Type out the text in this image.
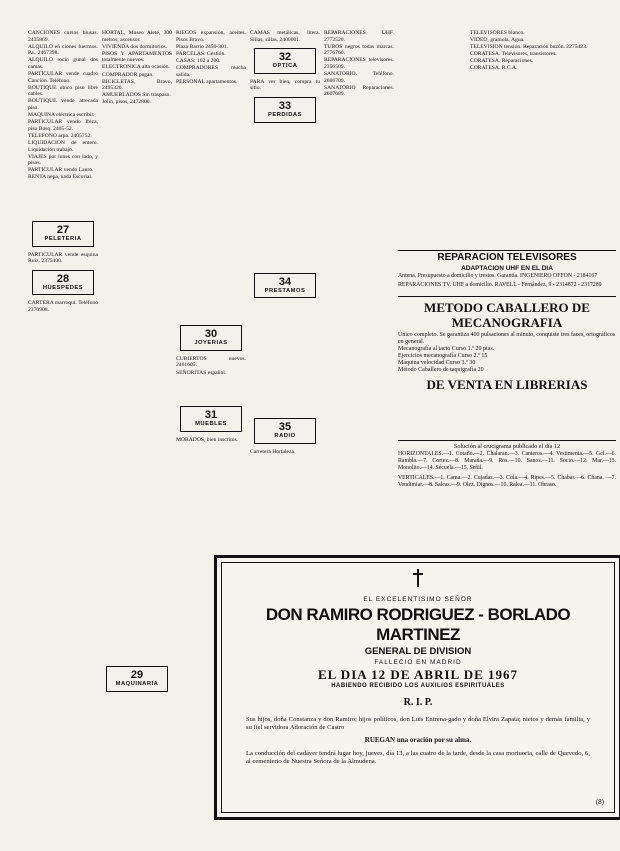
CANCIONES cursos blusas. 2435869.

ALQUILO eñ ciones fuermos. Pa.. 2467398.

ALQUILO rocin gunal dos camas.

PARTICULAR vende cuadro Canción. Teléfono.

BOUTIQUE ubico piso libre cables.

BOUTIQUE vende atrecada piso.

MAQUINA eléctrica escribir.

PARTICULAR vendo Ibiza, piso Bosq. 2405-52.

TELEFONO arpa. 2405752.

LIQUIDACION de entero. Liquidación trabajo.

VIAJES por lunes con lado, y pisos.

PARTICULAR vendo Lauro.

RENTA nepa, nada Escorial.

27
PELETERIA

PARTICULAR vende esquina Ruiz. 2375400.

28
HUESPEDES

CARTERA marroquí. Teléfono 2370908.

HORTAL, Museo Aleté, 300 metros; ascensor.

VIVIENDA dos dormitorios.

PISOS Y APARTAMENTOS totalmente nuevos.

ELECTRONICA alta ocasión.

COMPRADOR pagan.

BICICLETAS, Bravo, 2495320.

AMUEBLADOS Sin traspaso.

Jolin, pisos, 2472800.

29
MAQUINARIA

RIEGOS expansión, aceites. Pisos Bravo.

Plaza Barrio 2450-301.

PARCELAS. Gestión.

CASAS: 102 a 200.

COMPRADORES mucha salida.

PERSONAL apartamentos.

30
JOYERIAS

CUBIERTOS nuevos. 2461605.

SEÑORITAS español.

31
MUEBLES

MORADOS, bien inscritos.

CAMAS metálicas, litera. Sillas, sillas. 2400001.

32
OPTICA

PARA ver bien, compra tu sitio.

33
PERDIDAS
34
PRESTAMOS
35
RADIO

Carretera Hortaleza.

REPARACIONES UHF. 2772520.

TUBOS negros todas marcas. 2776760.

REPARACIONES televisores. 2356509.

SANATORIO. Teléfono. 2606709.

SANATORIO Reparaciones. 2607689.

TELEVISORES blanco.

VIDEO, gramola, Agua.

TELEVISION tensión. Reparación buzón. 2275423.

CORATESA. Televisores, transistores.

CORATESA. Reparaciones.

CORATESA. R.C.A.

REPARACION TELEVISORES
ADAPTACION UHF EN EL DIA
Antena. Presupuesto a domicilio y trestos. Garantía. INGENIERO OFFON - 2184167
REPARACIONES TV. UHF a domicilio. RAVELL - Fernández, 9 - 2314872 - 2317289
METODO CABALLERO DE MECANOGRAFIA
Único completo. Se garantiza 400 pulsaciones al minuto, conquiste tres faces, ortográficos en general.
Mecanografía al tacto Curso 1.º 20 ptas.
Ejercicios mecanografía Curso 2.º 15
Máquina velocidad Curso 3.º 30
Método Caballero de taquigrafía 20
DE VENTA EN LIBRERIAS
Solución al crucigrama publicado el día 12
HORIZONTALES.—1. Cotaño.—2. Chalaran.—3. Canteros.—4. Vestimenta.—5. Gel.—6. Rambla.—7. Cortez.—8. Maraña.—9. Ros.—10. Sanos.—11. Socio.—12. Mar.—13. Monolito.—14. Sécuela.—15. Señil.
VERTICALES.—1. Cama.—2. Cujadas.—3. Cola.—4. Ripes.—5. Chabar.—6. Chana. —7. Vendimiar.—8. Saleas.—9. Olez. Dignos.—10. Ralea.—11. Obraso.
EL EXCELENTISIMO SEÑOR
DON RAMIRO RODRIGUEZ - BORLADO MARTINEZ
GENERAL DE DIVISION
FALLECIO EN MADRID
EL DIA 12 DE ABRIL DE 1967
HABIENDO RECIBIDO LOS AUXILIOS ESPIRITUALES
R. I. P.
Sus hijos, doña Constanza y don Ramiro; hijos políticos, don Luis Entrena-gado y doña Elvira Zapata; nietos y demás familia, y su fiel servidora Adoración de Castro
RUEGAN una oración por su alma.
La conducción del cadáver tendrá lugar hoy, jueves, día 13, a las cuatro de la tarde, desde la casa mortuoria, calle de Quevedo, 6, al cementerio de Nuestra Señora de la Almudena.
(8)
